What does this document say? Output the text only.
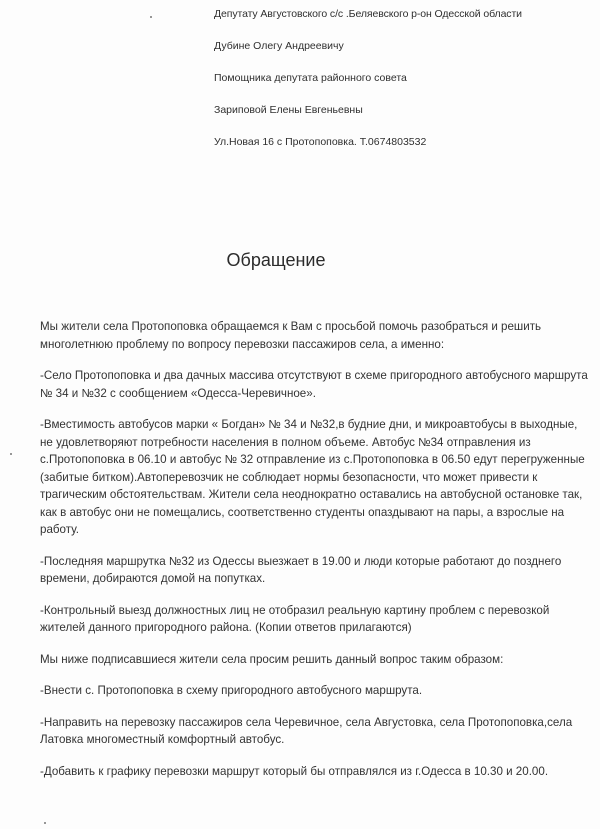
Депутату Августовского с/с .Беляевского р-он Одесской области
Дубине Олегу Андреевичу
Помощника депутата районного совета
Зариповой Елены Евгеньевны
Ул.Новая 16 с Протопоповка. Т.0674803532
Обращение
Мы жители села Протопоповка обращаемся к Вам с просьбой помочь разобраться и решить многолетнюю проблему по вопросу перевозки пассажиров села, а именно:
-Село Протопоповка и два дачных массива отсутствуют в схеме пригородного автобусного маршрута № 34 и №32 с сообщением «Одесса-Черевичное».
-Вместимость автобусов марки « Богдан» № 34 и №32,в будние дни, и микроавтобусы в выходные, не удовлетворяют потребности населения в полном объеме. Автобус №34 отправления из с.Протопоповка в 06.10 и автобус № 32 отправление из с.Протопоповка в 06.50 едут перегруженные (забитые битком).Автоперевозчик не соблюдает нормы безопасности, что может привести к трагическим обстоятельствам. Жители села неоднократно оставались на автобусной остановке так, как в автобус они не помещались, соответственно студенты опаздывают на пары, а взрослые на работу.
-Последняя маршрутка №32 из Одессы выезжает в 19.00 и люди которые работают до позднего времени, добираются домой на попутках.
-Контрольный выезд должностных лиц не отобразил реальную картину проблем с перевозкой жителей данного пригородного района. (Копии ответов прилагаются)
Мы ниже подписавшиеся жители села просим решить данный вопрос таким образом:
-Внести с. Протопоповка в схему пригородного автобусного маршрута.
-Направить на перевозку пассажиров села Черевичное, села Августовка, села Протопоповка,села Латовка многоместный комфортный автобус.
-Добавить к графику перевозки маршрут который бы отправлялся из г.Одесса в 10.30 и 20.00.
